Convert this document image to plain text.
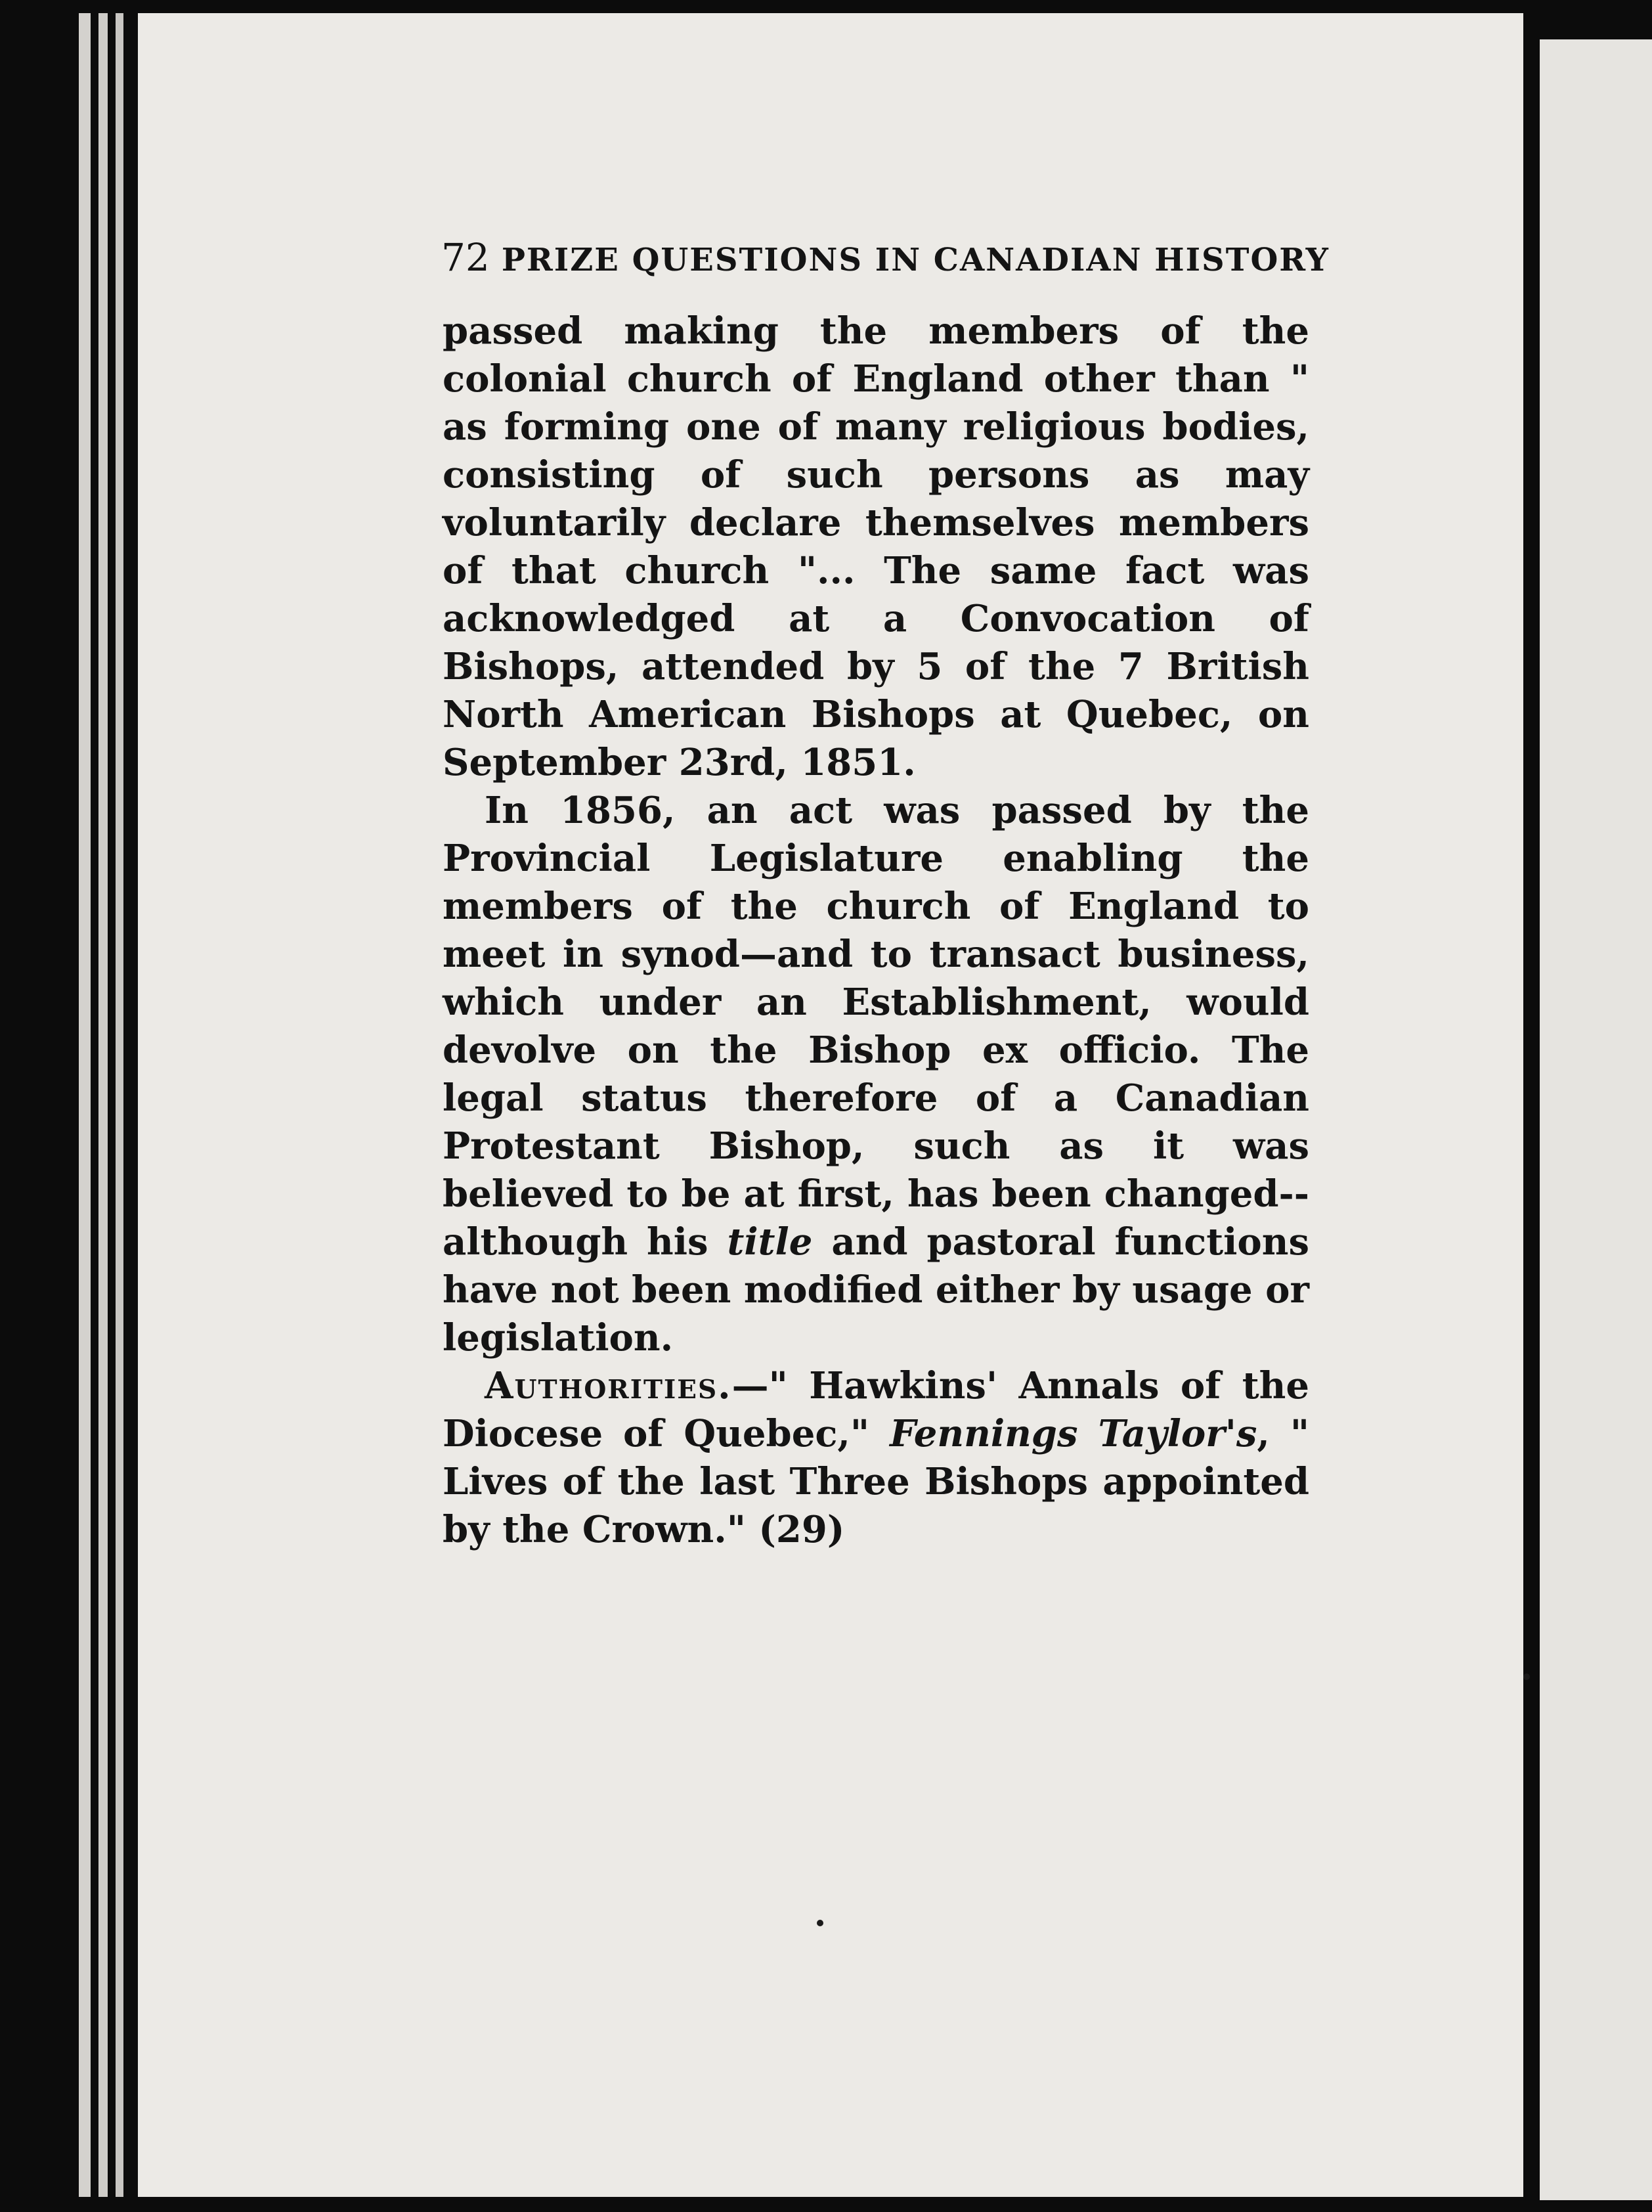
72 PRIZE QUESTIONS IN CANADIAN HISTORY

passed making the members of the colonial church of England other than " as forming one of many religious bodies, consisting of such persons as may voluntarily declare themselves members of that church "... The same fact was acknowledged at a Convocation of Bishops, attended by 5 of the 7 British North American Bishops at Quebec, on September 23rd, 1851.

In 1856, an act was passed by the Provincial Legislature enabling the members of the church of England to meet in synod—and to transact business, which under an Establishment, would devolve on the Bishop ex officio. The legal status therefore of a Canadian Protestant Bishop, such as it was believed to be at first, has been changed--although his title and pastoral functions have not been modified either by usage or legislation.

Authorities.—" Hawkins' Annals of the Diocese of Quebec," Fennings Taylor's, " Lives of the last Three Bishops appointed by the Crown." (29)
